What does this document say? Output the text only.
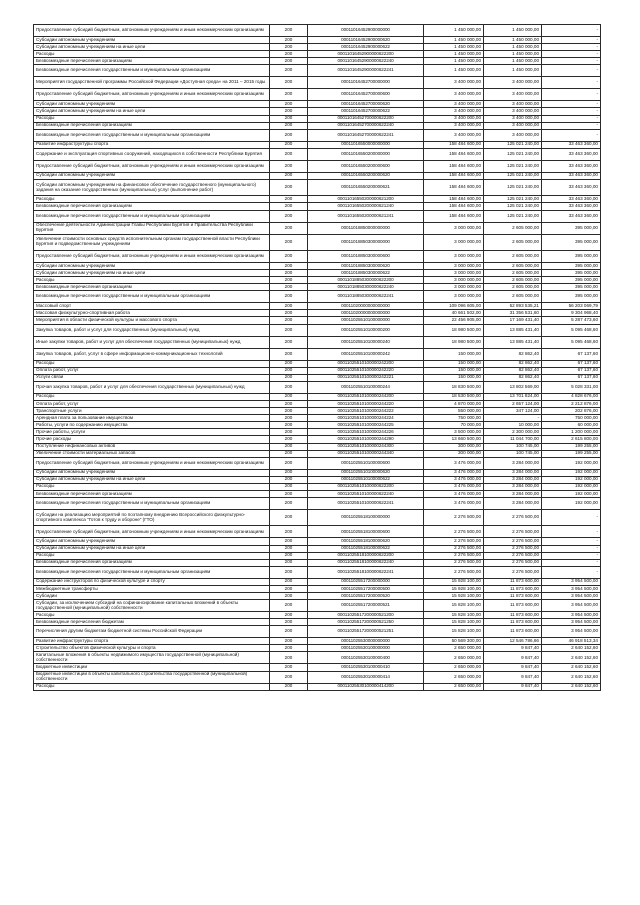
Предоставление субсидий бюджетным, автономным учреждениям и иным некоммерческим организациям	200	00011016452900000000	1 450 000,00	1 450 000,00	-
Субсидии автономным учреждениям	200	00011016452900000620	1 450 000,00	1 450 000,00	-
Субсидии автономным учреждениям на иные цели	200	00011016452900000622	1 450 000,00	1 450 000,00	-
Расходы	200	00011016452900000622200	1 450 000,00	1 450 000,00	-
Безвозмездные перечисления организациям	200	00011016452900000622240	1 450 000,00	1 450 000,00	-
Безвозмездные перечисления государственным и муниципальным организациям	200	00011016452900000622241	1 450 000,00	1 450 000,00	-
Мероприятия государственной программы Российской Федерации «Доступная среда» на 2011 – 2015 годы	200	00011016452700000000	3 400 000,00	3 400 000,00	-
Предоставление субсидий бюджетным, автономным учреждениям и иным некоммерческим организациям	200	00011016452700000600	3 400 000,00	3 400 000,00	-
Субсидии автономным учреждениям	200	00011016452700000620	3 400 000,00	3 400 000,00	-
Субсидии автономным учреждениям на иные цели	200	00011016452700000622	3 400 000,00	3 400 000,00	-
Расходы	200	00011016452700000622200	3 400 000,00	3 400 000,00	-
Безвозмездные перечисления организациям	200	00011016452700000622240	3 400 000,00	3 400 000,00	-
Безвозмездные перечисления государственным и муниципальным организациям	200	00011016452700000622241	3 400 000,00	3 400 000,00	-
Развитие инфраструктуры спорта	200	00011016550000000000	158 484 600,00	125 021 240,00	33 463 360,00
Содержание и эксплуатация спортивных сооружений, находящихся в собственности Республики Бурятия	200	00011016550200000000	158 484 600,00	125 021 240,00	33 463 360,00
Предоставление субсидий бюджетным, автономным учреждениям и иным некоммерческим организациям	200	00011016550200000600	158 484 600,00	125 021 240,00	33 463 360,00
Субсидии автономным учреждениям	200	00011016550200000620	158 484 600,00	125 021 240,00	33 463 360,00
Субсидии автономным учреждениям на финансовое обеспечение государственного (муниципального) задания на оказание государственных (муниципальных) услуг (выполнение работ)	200	00011016550200000621	158 484 600,00	125 021 240,00	33 463 360,00
Расходы	200	00011016550200000621200	158 484 600,00	125 021 240,00	33 463 360,00
Безвозмездные перечисления организациям	200	00011016550200000621240	158 484 600,00	125 021 240,00	33 463 360,00
Безвозмездные перечисления государственным и муниципальным организациям	200	00011016550200000621241	158 484 600,00	125 021 240,00	33 463 360,00
Обеспечение деятельности Администрации Главы Республики Бурятия и Правительства Республики Бурятия	200	00011018850000000000	3 000 000,00	2 605 000,00	395 000,00
Увеличение стоимости основных средств исполнительным органам государственной власти Республики Бурятия и подведомственным учреждениям	200	00011018850300000000	3 000 000,00	2 605 000,00	395 000,00
Предоставление субсидий бюджетным, автономным учреждениям и иным некоммерческим организациям	200	00011018850300000600	3 000 000,00	2 605 000,00	395 000,00
Субсидии автономным учреждениям	200	00011018850300000620	3 000 000,00	2 605 000,00	395 000,00
Субсидии автономным учреждениям на иные цели	200	00011018850300000622	3 000 000,00	2 605 000,00	395 000,00
Расходы	200	00011018850300000622200	3 000 000,00	2 605 000,00	395 000,00
Безвозмездные перечисления организациям	200	00011018850300000622240	3 000 000,00	2 605 000,00	395 000,00
Безвозмездные перечисления государственным и муниципальным организациям	200	00011018850300000622241	3 000 000,00	2 605 000,00	395 000,00
Массовый спорт	200	00011020000000000000	109 096 605,00	52 893 535,21	56 203 069,79
Массовая физкультурно-спортивная работа	200	00011020000000000000	40 661 502,00	31 356 531,60	9 304 968,40
Мероприятия в области физической культуры и массового спорта	200	00011025510100000000	22 456 905,00	17 169 431,40	5 287 473,60
Закупка товаров, работ и услуг для государственных (муниципальных) нужд	200	00011025510100000200	18 980 500,00	13 885 431,40	5 095 468,60
Иные закупки товаров, работ и услуг для обеспечения государственных (муниципальных) нужд	200	00011025510100000240	18 980 500,00	13 885 431,40	5 095 468,60
Закупка товаров, работ, услуг в сфере информационно-коммуникационных технологий	200	00011025510100000242	150 000,00	82 862,40	67 137,60
Расходы	200	00011025510100000242200	150 000,00	82 862,40	67 137,60
Оплата работ, услуг	200	00011025510100000242220	150 000,00	82 862,40	67 137,60
Услуги связи	200	00011025510100000242221	150 000,00	82 862,40	67 137,60
Прочая закупка товаров, работ и услуг для обеспечения государственных (муниципальных) нужд	200	00011025510100000244	18 830 500,00	13 802 569,00	5 028 331,00
Расходы	200	00011025510100000244200	18 530 500,00	13 701 824,00	4 828 676,00
Оплата работ, услуг	200	00011025510100000244220	4 870 000,00	2 657 124,00	2 212 876,00
Транспортные услуги	200	00011025510100000244222	550 000,00	347 124,00	202 876,00
Арендная плата за пользование имуществом	200	00011025510100000244224	750 000,00	-	750 000,00
Работы, услуги по содержанию имущества	200	00011025510100000244225	70 000,00	10 000,00	60 000,00
Прочие работы, услуги	200	00011025510100000244226	3 500 000,00	2 300 000,00	1 200 000,00
Прочие расходы	200	00011025510100000244290	13 660 500,00	11 044 700,00	2 615 800,00
Поступление нефинансовых активов	200	00011025510100000244300	300 000,00	100 745,00	199 255,00
Увеличение стоимости материальных запасов	200	00011025510100000244340	300 000,00	100 745,00	199 255,00
Предоставление субсидий бюджетным, автономным учреждениям и иным некоммерческим организациям	200	00011025510100000600	3 476 000,00	3 284 000,00	192 000,00
Субсидии автономным учреждениям	200	00011025510100000620	3 476 000,00	3 284 000,00	192 000,00
Субсидии автономным учреждениям на иные цели	200	00011025510100000622	3 476 000,00	3 284 000,00	192 000,00
Расходы	200	00011025510100000622200	3 476 000,00	3 284 000,00	192 000,00
Безвозмездные перечисления организациям	200	00011025510100000622240	3 476 000,00	3 284 000,00	192 000,00
Безвозмездные перечисления государственным и муниципальным организациям	200	00011025510100000622241	3 476 000,00	3 284 000,00	192 000,00
Субсидии на реализацию мероприятий по поэтапному внедрению Всероссийского физкультурно-спортивного комплекса "Готов к труду и обороне" (ГТО)	200	00011025518100000000	2 276 500,00	2 276 500,00	-
Предоставление субсидий бюджетным, автономным учреждениям и иным некоммерческим организациям	200	00011025518100000600	2 276 500,00	2 276 500,00	-
Субсидии автономным учреждениям	200	00011025518100000620	2 276 500,00	2 276 500,00	-
Субсидии автономным учреждениям на иные цели	200	00011025518100000622	2 276 500,00	2 276 500,00	-
Расходы	200	00011025518100000622200	2 276 500,00	2 276 500,00	-
Безвозмездные перечисления организациям	200	00011025518100000622240	2 276 500,00	2 276 500,00	-
Безвозмездные перечисления государственным и муниципальным организациям	200	00011025518100000622241	2 276 500,00	2 276 500,00	-
Содержание инструкторов по физической культуре и спорту	200	00011025517200000000	15 928 100,00	11 873 600,00	3 954 500,00
Межбюджетные трансферты	200	00011025517200000500	15 928 100,00	11 873 600,00	3 954 500,00
Субсидии	200	00011025517200000520	15 928 100,00	11 873 600,00	3 954 500,00
Субсидии, за исключением субсидий на софинансирование капитальных вложений в объекты государственной (муниципальной) собственности	200	00011025517200000521	15 828 100,00	11 873 600,00	3 954 500,00
Расходы	200	00011025517200000521200	15 828 100,00	11 873 600,00	3 954 500,00
Безвозмездные перечисления бюджетам	200	00011025517200000521250	15 828 100,00	11 873 600,00	3 954 500,00
Перечисления другим бюджетам бюджетной системы Российской Федерации	200	00011025517200000521251	15 828 100,00	11 873 600,00	3 954 500,00
Развитие инфраструктуры спорта	200	00011025530000000000	50 569 300,00	12 546 786,66	46 918 513,34
Строительство объектов физической культуры и спорта	200	00011025530100000000	2 650 000,00	9 847,40	2 640 152,60
Капитальные вложения в объекты недвижимого имущества государственной (муниципальной) собственности	200	00011025530100000400	2 650 000,00	9 847,40	2 640 152,60
Бюджетные инвестиции	200	00011025530100000410	2 650 000,00	9 847,40	2 640 152,60
Бюджетные инвестиции в объекты капитального строительства государственной (муниципальной) собственности	200	00011025530100000414	2 650 000,00	9 847,40	2 640 152,60
Расходы	200	00011025530100000414200	2 650 000,00	9 847,40	2 640 152,60
